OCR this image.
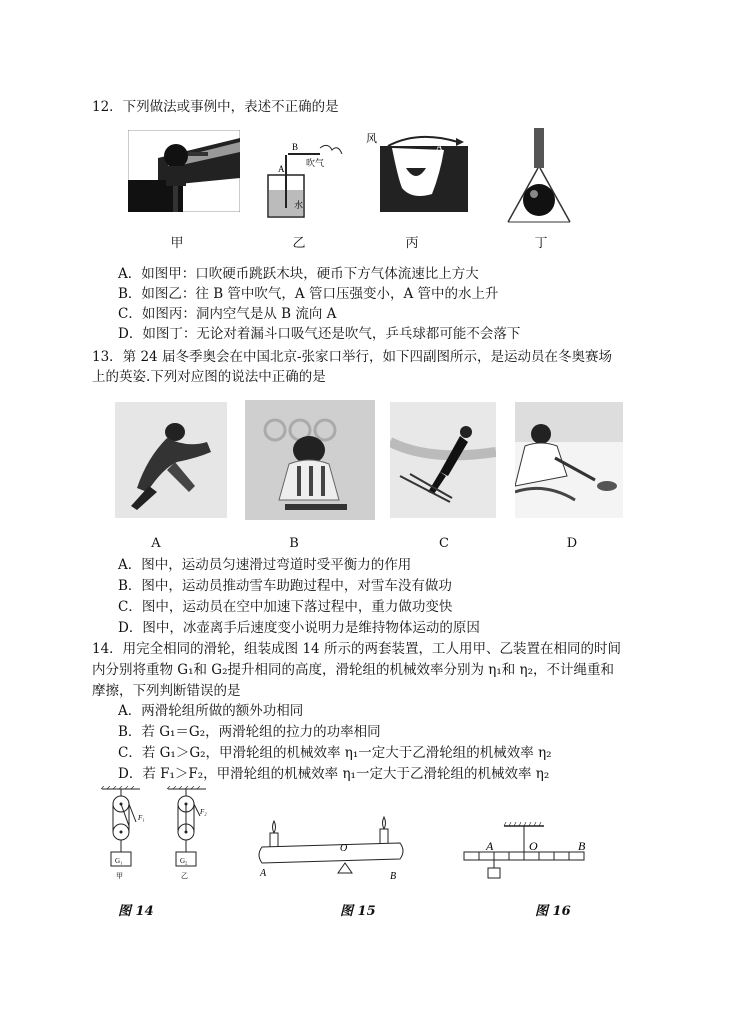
12．下列做法或事例中，表述不正确的是
甲
B
A 吹气
水
乙
风
B
A
丙	丁
A．如图甲：口吹硬币跳跃木块，硬币下方气体流速比上方大
B．如图乙：往 B 管中吹气，A 管口压强变小，A 管中的水上升
C．如图丙：洞内空气是从 B 流向 A
D．如图丁：无论对着漏斗口吸气还是吹气，乒乓球都可能不会落下
13．第 24 届冬季奥会在中国北京-张家口举行，如下四副图所示，是运动员在冬奥赛场
上的英姿.下列对应图的说法中正确的是
A	B	C	D
A．图中，运动员匀速滑过弯道时受平衡力的作用
B．图中，运动员推动雪车助跑过程中，对雪车没有做功
C．图中，运动员在空中加速下落过程中，重力做功变快
D．图中，冰壶离手后速度变小说明力是维持物体运动的原因
14．用完全相同的滑轮，组装成图 14 所示的两套装置，工人用甲、乙装置在相同的时间
内分别将重物 G₁和 G₂提升相同的高度，滑轮组的机械效率分别为 η₁和 η₂，不计绳重和
摩擦，下列判断错误的是
A．两滑轮组所做的额外功相同
B．若 G₁＝G₂，两滑轮组的拉力的功率相同
C．若 G₁＞G₂，甲滑轮组的机械效率 η₁一定大于乙滑轮组的机械效率 η₂
D．若 F₁＞F₂，甲滑轮组的机械效率 η₁一定大于乙滑轮组的机械效率 η₂
G₁
F₁
甲
G₂
F₂
乙
图 14
O
A	B
图 15
A	O	B
图 16
